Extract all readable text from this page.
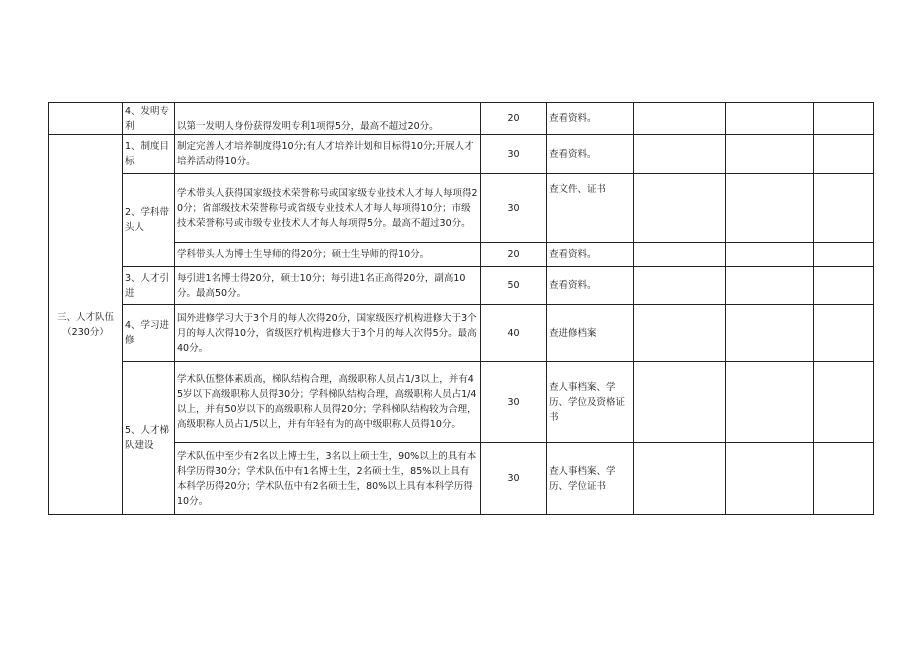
	4、发明专利	以第一发明人身份获得发明专利1项得5分，最高不超过20分。	20	查看资料。			

三、人才队伍
（230分）	1、制度目标	制定完善人才培养制度得10分;有人才培养计划和目标得10分;开展人才培养活动得10分。	30	查看资料。			
	2、学科带头人	学术带头人获得国家级技术荣誉称号或国家级专业技术人才每人每项得20分；省部级技术荣誉称号或省级专业技术人才每人每项得10分；市级技术荣誉称号或市级专业技术人才每人每项得5分。最高不超过30分。	30	查文件、证书			
		学科带头人为博士生导师的得20分；硕士生导师的得10分。	20	查看资料。			
	3、人才引进	每引进1名博士得20分，硕士10分；每引进1名正高得20分，副高10分。最高50分。	50	查看资料。			
	4、学习进修	国外进修学习大于3个月的每人次得20分，国家级医疗机构进修大于3个月的每人次得10分，省级医疗机构进修大于3个月的每人次得5分。最高40分。	40	查进修档案			
	5、人才梯队建设	学术队伍整体素质高，梯队结构合理，高级职称人员占1/3以上，并有45岁以下高级职称人员得30分；学科梯队结构合理，高级职称人员占1/4以上，并有50岁以下的高级职称人员得20分；学科梯队结构较为合理，高级职称人员占1/5以上，并有年轻有为的高中级职称人员得10分。	30	查人事档案、学历、学位及资格证书			
		学术队伍中至少有2名以上博士生，3名以上硕士生，90%以上的具有本科学历得30分；学术队伍中有1名博士生，2名硕士生，85%以上具有本科学历得20分；学术队伍中有2名硕士生，80%以上具有本科学历得10分。	30	查人事档案、学历、学位证书			
